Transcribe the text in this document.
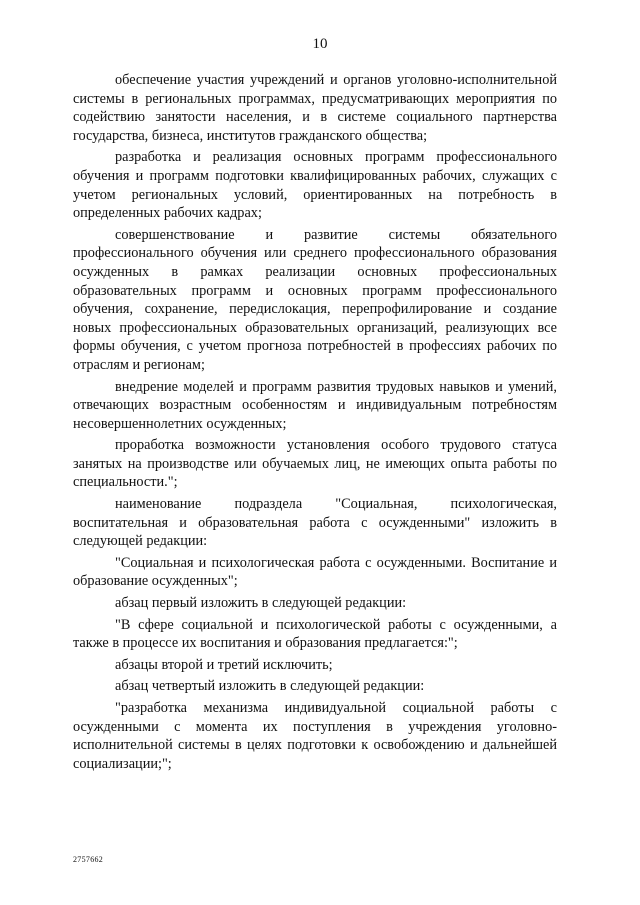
10

обеспечение участия учреждений и органов уголовно-исполнительной системы в региональных программах, предусматривающих мероприятия по содействию занятости населения, и в системе социального партнерства государства, бизнеса, институтов гражданского общества;

разработка и реализация основных программ профессионального обучения и программ подготовки квалифицированных рабочих, служащих с учетом региональных условий, ориентированных на потребность в определенных рабочих кадрах;

совершенствование и развитие системы обязательного профессионального обучения или среднего профессионального образования осужденных в рамках реализации основных профессиональных образовательных программ и основных программ профессионального обучения, сохранение, передислокация, перепрофилирование и создание новых профессиональных образовательных организаций, реализующих все формы обучения, с учетом прогноза потребностей в профессиях рабочих по отраслям и регионам;

внедрение моделей и программ развития трудовых навыков и умений, отвечающих возрастным особенностям и индивидуальным потребностям несовершеннолетних осужденных;

проработка возможности установления особого трудового статуса занятых на производстве или обучаемых лиц, не имеющих опыта работы по специальности.";

наименование подраздела "Социальная, психологическая, воспитательная и образовательная работа с осужденными" изложить в следующей редакции:

"Социальная и психологическая работа с осужденными. Воспитание и образование осужденных";

абзац первый изложить в следующей редакции:

"В сфере социальной и психологической работы с осужденными, а также в процессе их воспитания и образования предлагается:";

абзацы второй и третий исключить;

абзац четвертый изложить в следующей редакции:

"разработка механизма индивидуальной социальной работы с осужденными с момента их поступления в учреждения уголовно-исполнительной системы в целях подготовки к освобождению и дальнейшей социализации;";

2757662
